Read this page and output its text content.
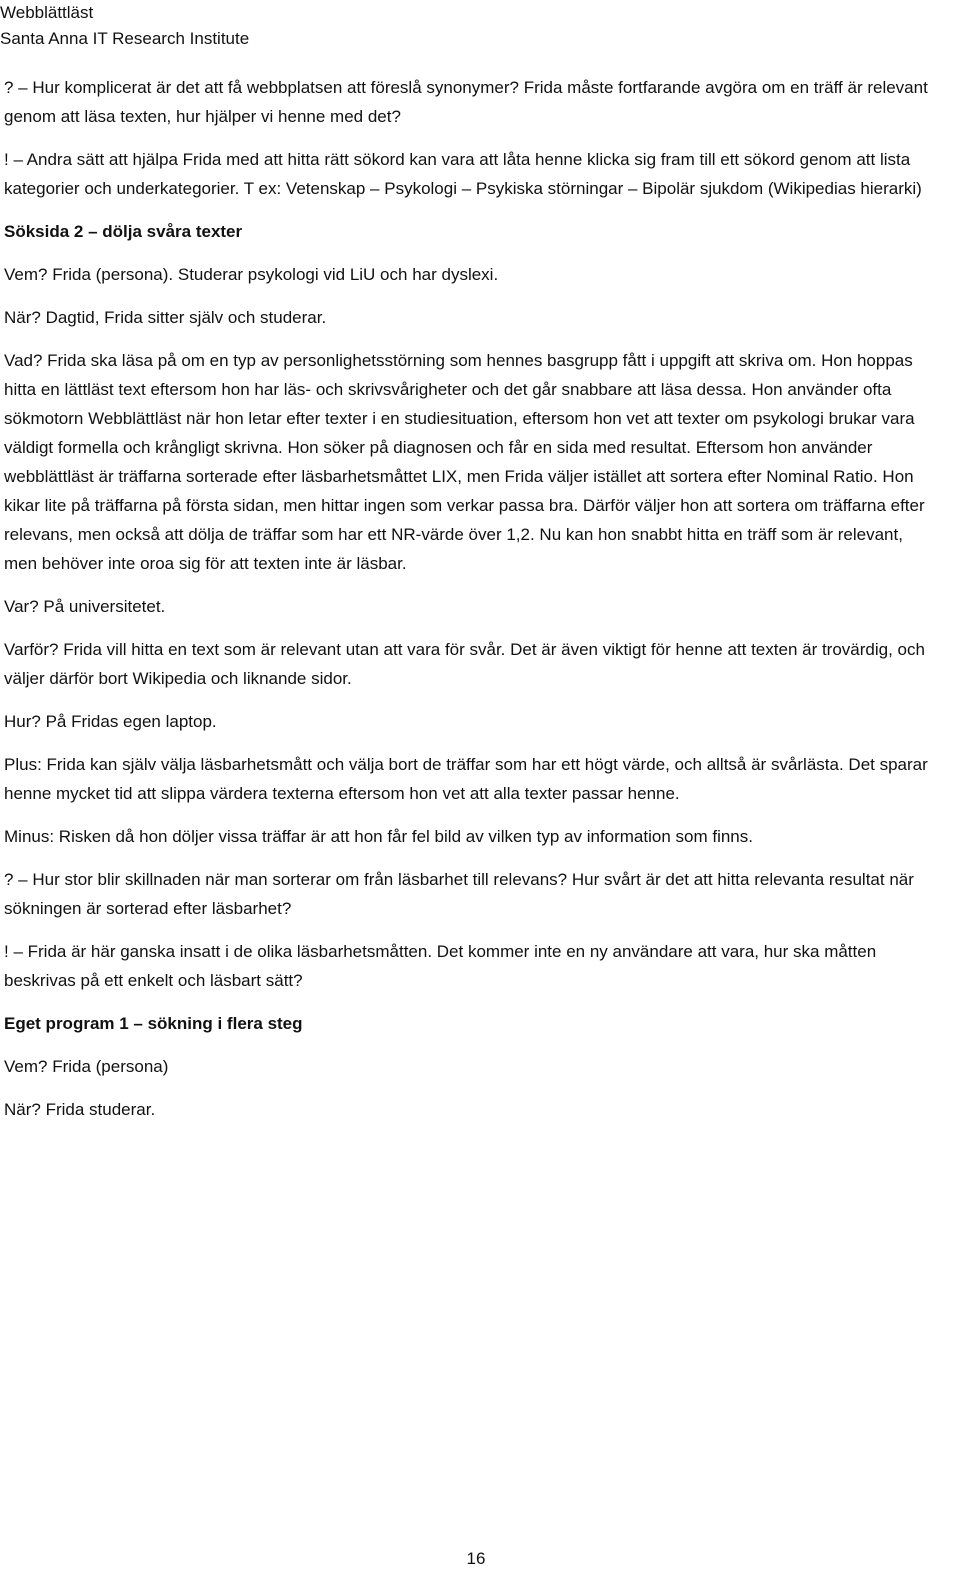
Webblättläst
Santa Anna IT Research Institute

? – Hur komplicerat är det att få webbplatsen att föreslå synonymer? Frida måste fortfarande avgöra om en träff är relevant genom att läsa texten, hur hjälper vi henne med det?

! – Andra sätt att hjälpa Frida med att hitta rätt sökord kan vara att låta henne klicka sig fram till ett sökord genom att lista kategorier och underkategorier. T ex: Vetenskap – Psykologi – Psykiska störningar – Bipolär sjukdom (Wikipedias hierarki)

Söksida 2 – dölja svåra texter

Vem? Frida (persona). Studerar psykologi vid LiU och har dyslexi.

När? Dagtid, Frida sitter själv och studerar.

Vad? Frida ska läsa på om en typ av personlighetsstörning som hennes basgrupp fått i uppgift att skriva om. Hon hoppas hitta en lättläst text eftersom hon har läs- och skrivsvårigheter och det går snabbare att läsa dessa. Hon använder ofta sökmotorn Webblättläst när hon letar efter texter i en studiesituation, eftersom hon vet att texter om psykologi brukar vara väldigt formella och krångligt skrivna. Hon söker på diagnosen och får en sida med resultat. Eftersom hon använder webblättläst är träffarna sorterade efter läsbarhetsmåttet LIX, men Frida väljer istället att sortera efter Nominal Ratio. Hon kikar lite på träffarna på första sidan, men hittar ingen som verkar passa bra. Därför väljer hon att sortera om träffarna efter relevans, men också att dölja de träffar som har ett NR-värde över 1,2. Nu kan hon snabbt hitta en träff som är relevant, men behöver inte oroa sig för att texten inte är läsbar.

Var? På universitetet.

Varför? Frida vill hitta en text som är relevant utan att vara för svår. Det är även viktigt för henne att texten är trovärdig, och väljer därför bort Wikipedia och liknande sidor.

Hur? På Fridas egen laptop.

Plus: Frida kan själv välja läsbarhetsmått och välja bort de träffar som har ett högt värde, och alltså är svårlästa. Det sparar henne mycket tid att slippa värdera texterna eftersom hon vet att alla texter passar henne.

Minus: Risken då hon döljer vissa träffar är att hon får fel bild av vilken typ av information som finns.

? – Hur stor blir skillnaden när man sorterar om från läsbarhet till relevans? Hur svårt är det att hitta relevanta resultat när sökningen är sorterad efter läsbarhet?

! – Frida är här ganska insatt i de olika läsbarhetsmåtten. Det kommer inte en ny användare att vara, hur ska måtten beskrivas på ett enkelt och läsbart sätt?

Eget program 1 – sökning i flera steg

Vem? Frida (persona)

När? Frida studerar.

16
